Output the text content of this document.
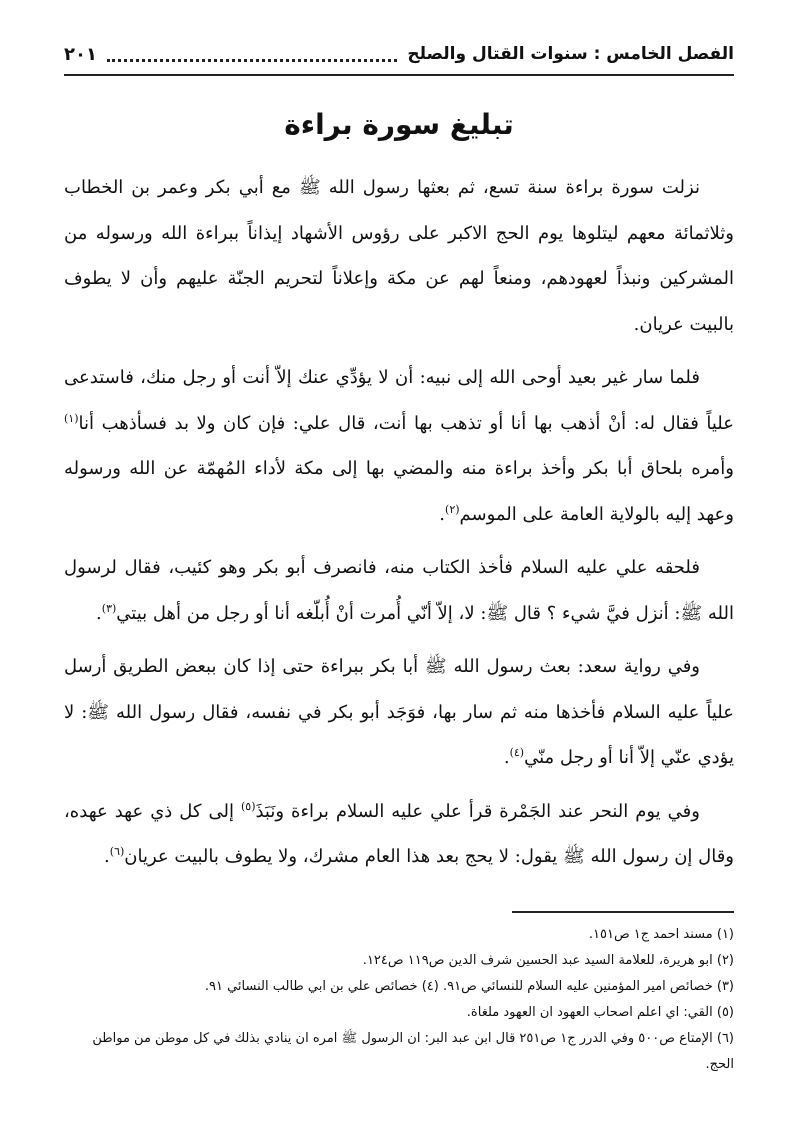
الفصل الخامس : سنوات القتال والصلح
٢٠١
تبليغ سورة براءة

نزلت سورة براءة سنة تسع، ثم بعثها رسول الله ﷺ مع أبي بكر وعمر بن الخطاب وثلاثمائة معهم ليتلوها يوم الحج الاكبر على رؤوس الأشهاد إيذاناً ببراءة الله ورسوله من المشركين ونبذاً لعهودهم، ومنعاً لهم عن مكة وإعلاناً لتحريم الجنّة عليهم وأن لا يطوف بالبيت عريان.

فلما سار غير بعيد أوحى الله إلى نبيه: أن لا يؤدِّي عنك إلاّ أنت أو رجل منك، فاستدعى علياً فقال له: أنْ أذهب بها أنا أو تذهب بها أنت، قال علي: فإن كان ولا بد فسأذهب أنا$^{(١)}$ وأمره بلحاق أبا بكر وأخذ براءة منه والمضي بها إلى مكة لأداء المُهمّة عن الله ورسوله وعهد إليه بالولاية العامة على الموسم$^{(٢)}$.

فلحقه علي عليه السلام فأخذ الكتاب منه، فانصرف أبو بكر وهو كئيب، فقال لرسول الله ﷺ: أنزل فيَّ شيء ؟ قال ﷺ: لا، إلاّ أنّي أُمرت أنْ أُبلّغه أنا أو رجل من أهل بيتي$^{(٣)}$.

وفي رواية سعد: بعث رسول الله ﷺ أبا بكر ببراءة حتى إذا كان ببعض الطريق أرسل علياً عليه السلام فأخذها منه ثم سار بها، فوَجَد أبو بكر في نفسه، فقال رسول الله ﷺ: لا يؤدي عنّي إلاّ أنا أو رجل منّي$^{(٤)}$.

وفي يوم النحر عند الجَمْرة قرأ علي عليه السلام براءة ونَبَذَ$^{(٥)}$ إلى كل ذي عهد عهده، وقال إن رسول الله ﷺ يقول: لا يحج بعد هذا العام مشرك، ولا يطوف بالبيت عريان$^{(٦)}$.

(١) مسند احمد ج١ ص١٥١.

(٢) ابو هريرة، للعلامة السيد عبد الحسين شرف الدين ص١١٩ ص١٢٤.

(٣) خصائص امير المؤمنين عليه السلام للنسائي ص٩١. (٤) خصائص علي بن ابي طالب النسائي ٩١.

(٥) القي: اي اعلم اصحاب العهود ان العهود ملغاة.

(٦) الإمتاع ص٥٠٠ وفي الدرر ج١ ص٢٥١ قال ابن عبد البر: ان الرسول ﷺ امره ان ينادي بذلك في كل موطن من مواطن الحج.
